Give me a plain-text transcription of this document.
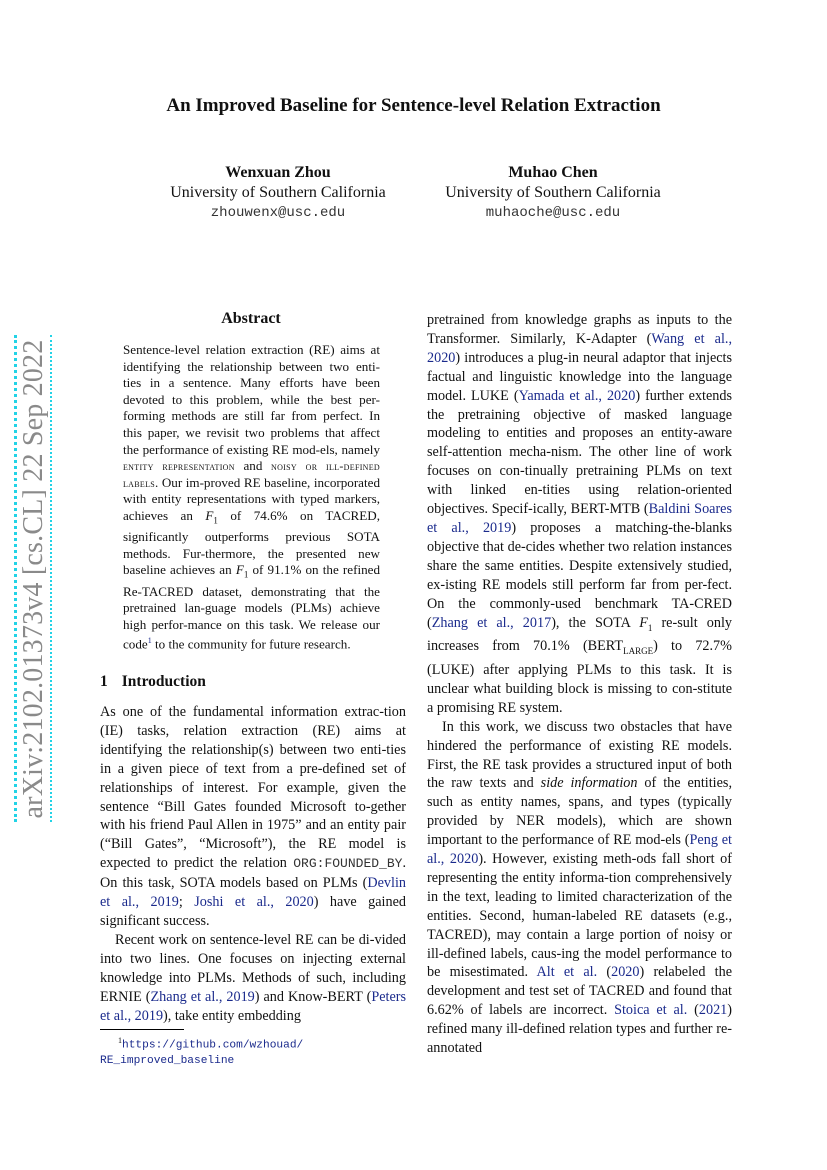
An Improved Baseline for Sentence-level Relation Extraction
Wenxuan Zhou
University of Southern California
zhouwenx@usc.edu
Muhao Chen
University of Southern California
muhaoche@usc.edu
arXiv:2102.01373v4 [cs.CL] 22 Sep 2022
Abstract
Sentence-level relation extraction (RE) aims at identifying the relationship between two enti-ties in a sentence. Many efforts have been devoted to this problem, while the best per-forming methods are still far from perfect. In this paper, we revisit two problems that affect the performance of existing RE mod-els, namely entity representation and noisy or ill-defined labels. Our im-proved RE baseline, incorporated with entity representations with typed markers, achieves an $F_1$ of 74.6% on TACRED, significantly outperforms previous SOTA methods. Fur-thermore, the presented new baseline achieves an $F_1$ of 91.1% on the refined Re-TACRED dataset, demonstrating that the pretrained lan-guage models (PLMs) achieve high perfor-mance on this task. We release our code$^1$ to the community for future research.
1 Introduction

As one of the fundamental information extrac-tion (IE) tasks, relation extraction (RE) aims at identifying the relationship(s) between two enti-ties in a given piece of text from a pre-defined set of relationships of interest. For example, given the sentence “Bill Gates founded Microsoft to-gether with his friend Paul Allen in 1975” and an entity pair (“Bill Gates”, “Microsoft”), the RE model is expected to predict the relation ORG:FOUNDED_BY. On this task, SOTA models based on PLMs (Devlin et al., 2019; Joshi et al., 2020) have gained significant success.

Recent work on sentence-level RE can be di-vided into two lines. One focuses on injecting external knowledge into PLMs. Methods of such, including ERNIE (Zhang et al., 2019) and Know-BERT (Peters et al., 2019), take entity embedding

$^1$https://github.com/wzhouad/
RE_improved_baseline

pretrained from knowledge graphs as inputs to the Transformer. Similarly, K-Adapter (Wang et al., 2020) introduces a plug-in neural adaptor that injects factual and linguistic knowledge into the language model. LUKE (Yamada et al., 2020) further extends the pretraining objective of masked language modeling to entities and proposes an entity-aware self-attention mecha-nism. The other line of work focuses on con-tinually pretraining PLMs on text with linked en-tities using relation-oriented objectives. Specif-ically, BERT-MTB (Baldini Soares et al., 2019) proposes a matching-the-blanks objective that de-cides whether two relation instances share the same entities. Despite extensively studied, ex-isting RE models still perform far from per-fect. On the commonly-used benchmark TA-CRED (Zhang et al., 2017), the SOTA $F_1$ re-sult only increases from 70.1% $(BERT_{LARGE})$ to 72.7% (LUKE) after applying PLMs to this task. It is unclear what building block is missing to con-stitute a promising RE system.

In this work, we discuss two obstacles that have hindered the performance of existing RE models. First, the RE task provides a structured input of both the raw texts and side information of the entities, such as entity names, spans, and types (typically provided by NER models), which are shown important to the performance of RE mod-els (Peng et al., 2020). However, existing meth-ods fall short of representing the entity informa-tion comprehensively in the text, leading to limited characterization of the entities. Second, human-labeled RE datasets (e.g., TACRED), may contain a large portion of noisy or ill-defined labels, caus-ing the model performance to be misestimated. Alt et al. (2020) relabeled the development and test set of TACRED and found that 6.62% of labels are incorrect. Stoica et al. (2021) refined many ill-defined relation types and further re-annotated
